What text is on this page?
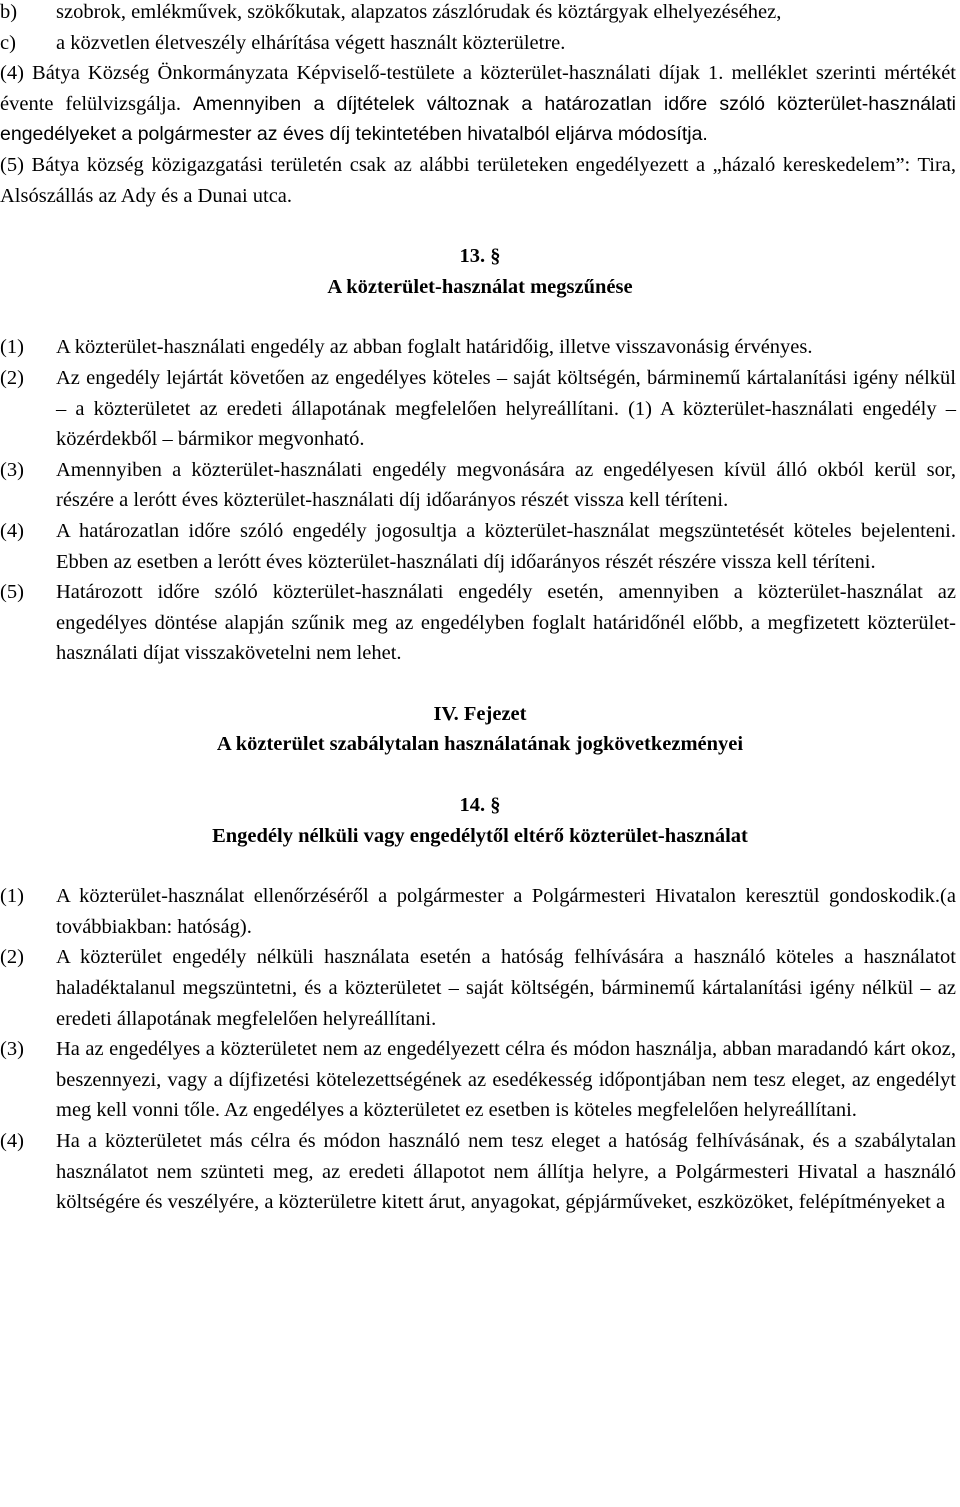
b) szobrok, emlékművek, szökőkutak, alapzatos zászlórudak és köztárgyak elhelyezéséhez,
c) a közvetlen életveszély elhárítása végett használt közterületre.
(4) Bátya Község Önkormányzata Képviselő-testülete a közterület-használati díjak 1. melléklet szerinti mértékét évente felülvizsgálja. Amennyiben a díjtételek változnak a határozatlan időre szóló közterület-használati engedélyeket a polgármester az éves díj tekintetében hivatalból eljárva módosítja.
(5) Bátya község közigazgatási területén csak az alábbi területeken engedélyezett a „házaló kereskedelem”: Tira, Alsószállás az Ady és a Dunai utca.
13. §
A közterület-használat megszűnése
(1) A közterület-használati engedély az abban foglalt határidőig, illetve visszavonásig érvényes.
(2) Az engedély lejártát követően az engedélyes köteles – saját költségén, bárminemű kártalanítási igény nélkül – a közterületet az eredeti állapotának megfelelően helyreállítani. (1) A közterület-használati engedély – közérdekből – bármikor megvonható.
(3) Amennyiben a közterület-használati engedély megvonására az engedélyesen kívül álló okból kerül sor, részére a lerótt éves közterület-használati díj időarányos részét vissza kell téríteni.
(4) A határozatlan időre szóló engedély jogosultja a közterület-használat megszüntetését köteles bejelenteni. Ebben az esetben a lerótt éves közterület-használati díj időarányos részét részére vissza kell téríteni.
(5) Határozott időre szóló közterület-használati engedély esetén, amennyiben a közterület-használat az engedélyes döntése alapján szűnik meg az engedélyben foglalt határidőnél előbb, a megfizetett közterület-használati díjat visszakövetelni nem lehet.
IV. Fejezet
A közterület szabálytalan használatának jogkövetkezményei
14. §
Engedély nélküli vagy engedélytől eltérő közterület-használat
(1) A közterület-használat ellenőrzéséről a polgármester a Polgármesteri Hivatalon keresztül gondoskodik.(a továbbiakban: hatóság).
(2) A közterület engedély nélküli használata esetén a hatóság felhívására a használó köteles a használatot haladéktalanul megszüntetni, és a közterületet – saját költségén, bárminemű kártalanítási igény nélkül – az eredeti állapotának megfelelően helyreállítani.
(3) Ha az engedélyes a közterületet nem az engedélyezett célra és módon használja, abban maradandó kárt okoz, beszennyezi, vagy a díjfizetési kötelezettségének az esedékesség időpontjában nem tesz eleget, az engedélyt meg kell vonni tőle. Az engedélyes a közterületet ez esetben is köteles megfelelően helyreállítani.
(4) Ha a közterületet más célra és módon használó nem tesz eleget a hatóság felhívásának, és a szabálytalan használatot nem szünteti meg, az eredeti állapotot nem állítja helyre, a Polgármesteri Hivatal a használó költségére és veszélyére, a közterületre kitett árut, anyagokat, gépjárműveket, eszközöket, felépítményeket a
